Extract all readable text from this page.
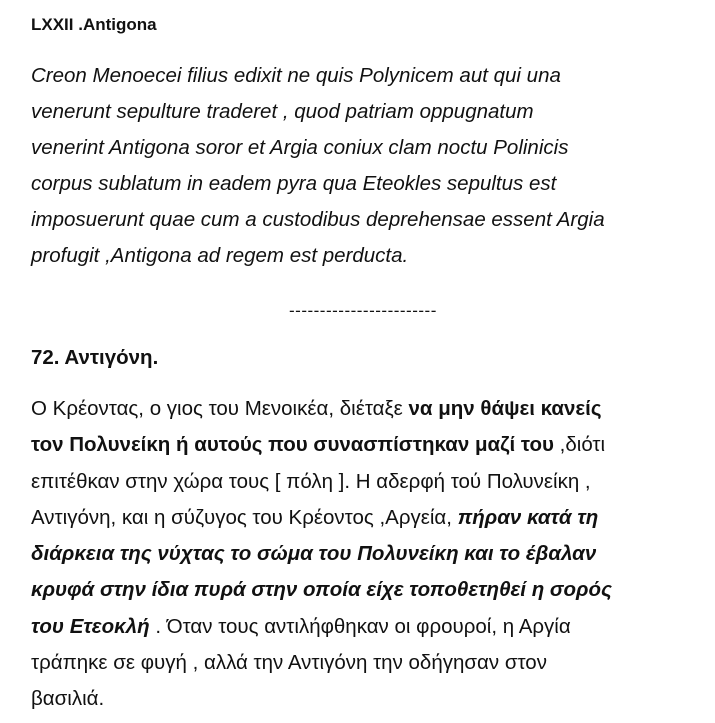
LXXII .Antigona
Creon Menoecei filius edixit ne quis Polynicem aut qui una
venerunt sepulture traderet , quod patriam oppugnatum
venerint Antigona soror et Argia coniux clam noctu Polinicis
corpus sublatum in eadem pyra qua Eteokles sepultus est
imposuerunt quae cum a custodibus deprehensae essent Argia
profugit ,Antigona ad regem est perducta.
------------------------
72. Αντιγόνη.
Ο Κρέοντας, ο γιος του Μενοικέα, διέταξε να μην θάψει κανείς
τον Πολυνείκη ή αυτούς που συνασπίστηκαν μαζί του ,διότι
επιτέθκαν στην χώρα τους [ πόλη ]. Η αδερφή τού Πολυνείκη ,
Αντιγόνη, και η σύζυγος του Κρέοντος ,Αργεία, πήραν κατά τη
διάρκεια της νύχτας το σώμα του Πολυνείκη και το έβαλαν
κρυφά στην ίδια πυρά στην οποία είχε τοποθετηθεί η σορός
του Ετεοκλή . Όταν τους αντιλήφθηκαν οι φρουροί, η Αργία
τράπηκε σε φυγή , αλλά την Αντιγόνη την οδήγησαν στον
βασιλιά.
